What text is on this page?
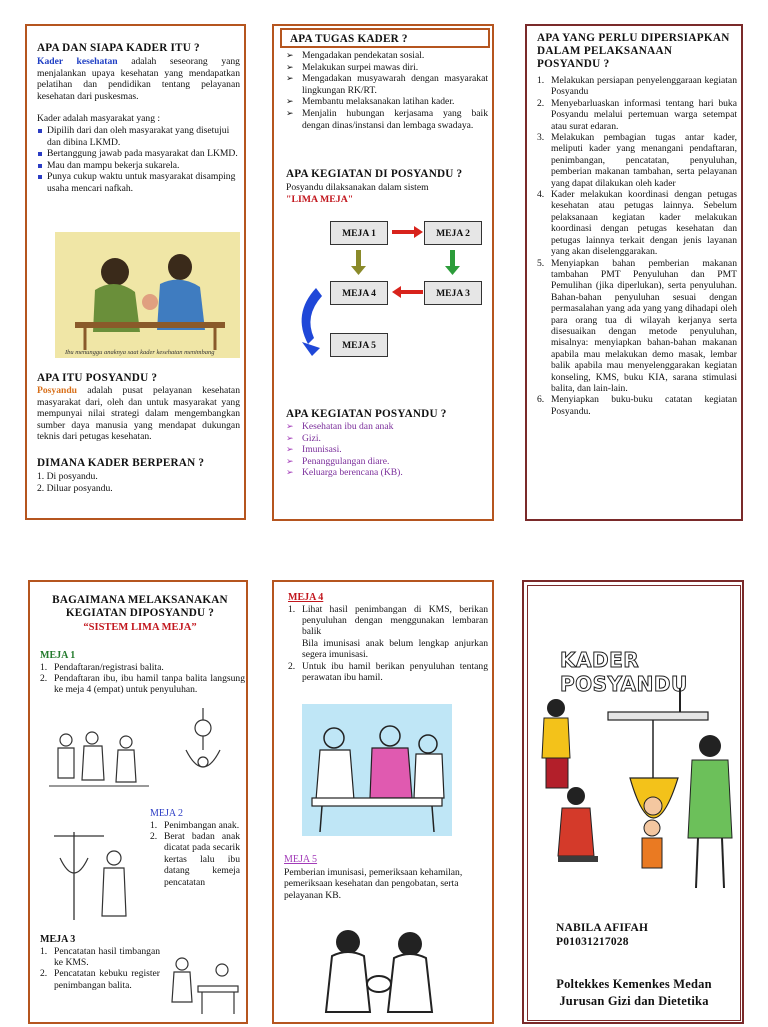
APA DAN SIAPA KADER ITU ?

Kader kesehatan adalah seseorang yang menjalankan upaya kesehatan yang mendapatkan pelatihan dan pendidikan tentang pelayanan kesehatan dari puskesmas.

Kader adalah masyarakat yang :

Dipilih dari dan oleh masyarakat yang disetujui dan dibina LKMD.
Bertanggung jawab pada masyarakat dan LKMD.
Mau dan mampu bekerja sukarela.
Punya cukup waktu untuk masyarakat disamping usaha mencari nafkah.
Ibu menunggu anaknya saat kader kesehatan menimbang

APA ITU POSYANDU ?

Posyandu adalah pusat pelayanan kesehatan masyarakat dari, oleh dan untuk masyarakat yang mempunyai nilai strategi dalam mengembangkan sumber daya manusia yang mendapat dukungan teknis dari petugas kesehatan.

DIMANA KADER BERPERAN ?

1. Di posyandu.

2. Diluar posyandu.

APA TUGAS KADER ?

➢ Mengadakan pendekatan sosial.
➢ Melakukan surpei mawas diri.
➢ Mengadakan musyawarah dengan masyarakat lingkungan RK/RT.
➢ Membantu melaksanakan latihan kader.
➢ Menjalin hubungan kerjasama yang baik dengan dinas/instansi dan lembaga swadaya.

APA KEGIATAN DI POSYANDU ?

Posyandu dilaksanakan dalam sistem

"LIMA MEJA"

MEJA 1	MEJA 2
MEJA 4	MEJA 3
MEJA 5

APA KEGIATAN POSYANDU ?

➢ Kesehatan ibu dan anak
➢ Gizi.
➢ Imunisasi.
➢ Penanggulangan diare.
➢ Keluarga berencana (KB).

APA YANG PERLU DIPERSIAPKAN DALAM PELAKSANAAN POSYANDU ?

1. Melakukan persiapan penyelenggaraan kegiatan Posyandu
2. Menyebarluaskan informasi tentang hari buka Posyandu melalui pertemuan warga setempat atau surat edaran.
3. Melakukan pembagian tugas antar kader, meliputi kader yang menangani pendaftaran, penimbangan, pencatatan, penyuluhan, pemberian makanan tambahan, serta pelayanan yang dapat dilakukan oleh kader
4. Kader melakukan koordinasi dengan petugas kesehatan atau petugas lainnya. Sebelum pelaksanaan kegiatan kader melakukan koordinasi dengan petugas kesehatan dan petugas lainnya terkait dengan jenis layanan yang akan diselenggarakan.
5. Menyiapkan bahan pemberian makanan tambahan PMT Penyuluhan dan PMT Pemulihan (jika diperlukan), serta penyuluhan. Bahan-bahan penyuluhan sesuai dengan permasalahan yang ada yang yang dihadapi oleh para orang tua di wilayah kerjanya serta disesuaikan dengan metode penyuluhan, misalnya: menyiapkan bahan-bahan makanan apabila mau melakukan demo masak, lembar balik apabila mau menyelenggarakan kegiatan konseling, KMS, buku KIA, sarana stimulasi balita, dan lain-lain.
6. Menyiapkan buku-buku catatan kegiatan Posyandu.

BAGAIMANA MELAKSANAKAN KEGIATAN DIPOSYANDU ?

“SISTEM LIMA MEJA”

MEJA 1

1. Pendaftaran/registrasi balita.
2. Pendaftaran ibu, ibu hamil tanpa balita langsung ke meja 4 (empat) untuk penyuluhan.

MEJA 2

1. Penimbangan anak.
2. Berat badan anak dicatat pada secarik kertas lalu ibu datang kemeja pencatatan

MEJA 3

1. Pencatatan hasil timbangan ke KMS.
2. Pencatatan kebuku register penimbangan balita.

MEJA 4

1. Lihat hasil penimbangan di KMS, berikan penyuluhan dengan menggunakan lembaran balik

Bila imunisasi anak belum lengkap anjurkan segera imunisasi.

2. Untuk ibu hamil berikan penyuluhan tentang perawatan ibu hamil.

MEJA 5

Pemberian imunisasi, pemeriksaan kehamilan, pemeriksaan kesehatan dan pengobatan, serta pelayanan KB.

KADER POSYANDU

NABILA AFIFAH

P01031217028

Poltekkes Kemenkes Medan

Jurusan Gizi dan Dietetika
